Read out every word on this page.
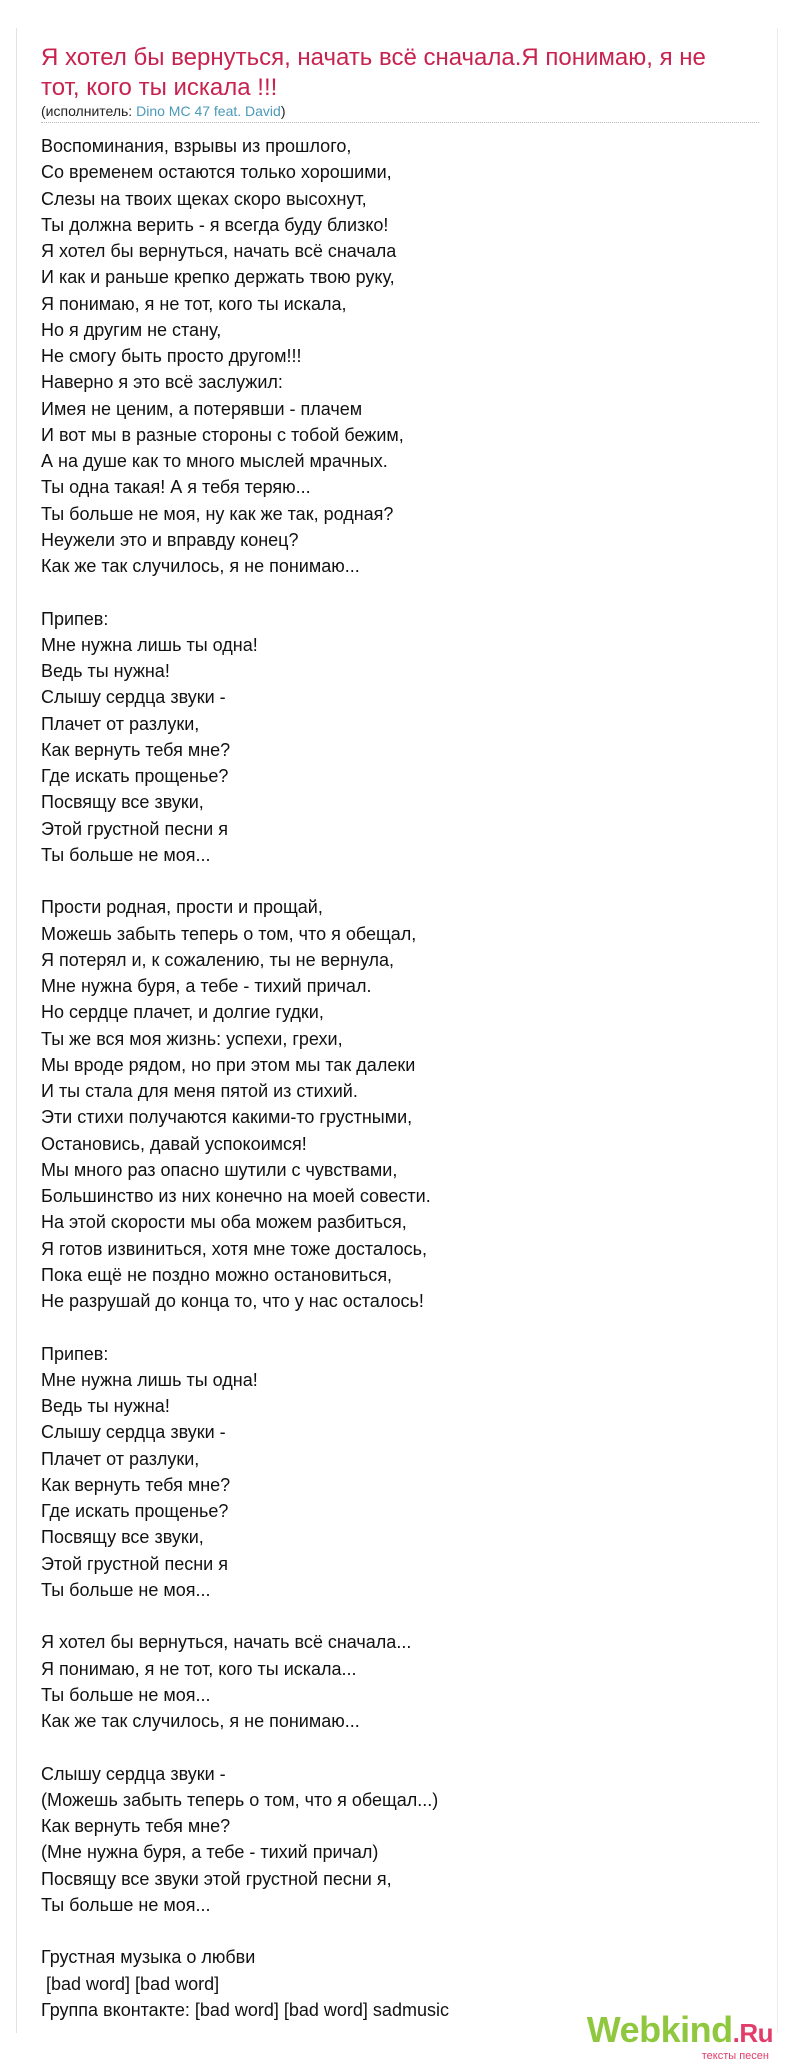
Я хотел бы вернуться, начать всё сначала.Я понимаю, я не тот, кого ты искала !!!
(исполнитель: Dino MC 47 feat. David)
Воспоминания, взрывы из прошлого,
Со временем остаются только хорошими,
Слезы на твоих щеках скоро высохнут,
Ты должна верить - я всегда буду близко!
Я хотел бы вернуться, начать всё сначала
И как и раньше крепко держать твою руку,
Я понимаю, я не тот, кого ты искала,
Но я другим не стану,
Не смогу быть просто другом!!!
Наверно я это всё заслужил:
Имея не ценим, а потерявши - плачем
И вот мы в разные стороны с тобой бежим,
А на душе как то много мыслей мрачных.
Ты одна такая! А я тебя теряю...
Ты больше не моя, ну как же так, родная?
Неужели это и вправду конец?
Как же так случилось, я не понимаю...
Припев:
Мне нужна лишь ты одна!
Ведь ты нужна!
Слышу сердца звуки -
Плачет от разлуки,
Как вернуть тебя мне?
Где искать прощенье?
Посвящу все звуки,
Этой грустной песни я
Ты больше не моя...
Прости родная, прости и прощай,
Можешь забыть теперь о том, что я обещал,
Я потерял и, к сожалению, ты не вернула,
Мне нужна буря, а тебе - тихий причал.
Но сердце плачет, и долгие гудки,
Ты же вся моя жизнь: успехи, грехи,
Мы вроде рядом, но при этом мы так далеки
И ты стала для меня пятой из стихий.
Эти стихи получаются какими-то грустными,
Остановись, давай успокоимся!
Мы много раз опасно шутили с чувствами,
Большинство из них конечно на моей совести.
На этой скорости мы оба можем разбиться,
Я готов извиниться, хотя мне тоже досталось,
Пока ещё не поздно можно остановиться,
Не разрушай до конца то, что у нас осталось!
Припев:
Мне нужна лишь ты одна!
Ведь ты нужна!
Слышу сердца звуки -
Плачет от разлуки,
Как вернуть тебя мне?
Где искать прощенье?
Посвящу все звуки,
Этой грустной песни я
Ты больше не моя...
Я хотел бы вернуться, начать всё сначала...
Я понимаю, я не тот, кого ты искала...
Ты больше не моя...
Как же так случилось, я не понимаю...
Слышу сердца звуки -
(Можешь забыть теперь о том, что я обещал...)
Как вернуть тебя мне?
(Мне нужна буря, а тебе - тихий причал)
Посвящу все звуки этой грустной песни я,
Ты больше не моя...
Грустная музыка о любви
[bad word] [bad word]
Группа вконтакте: [bad word] [bad word] sadmusic	Webkind.Ru
тексты песен
